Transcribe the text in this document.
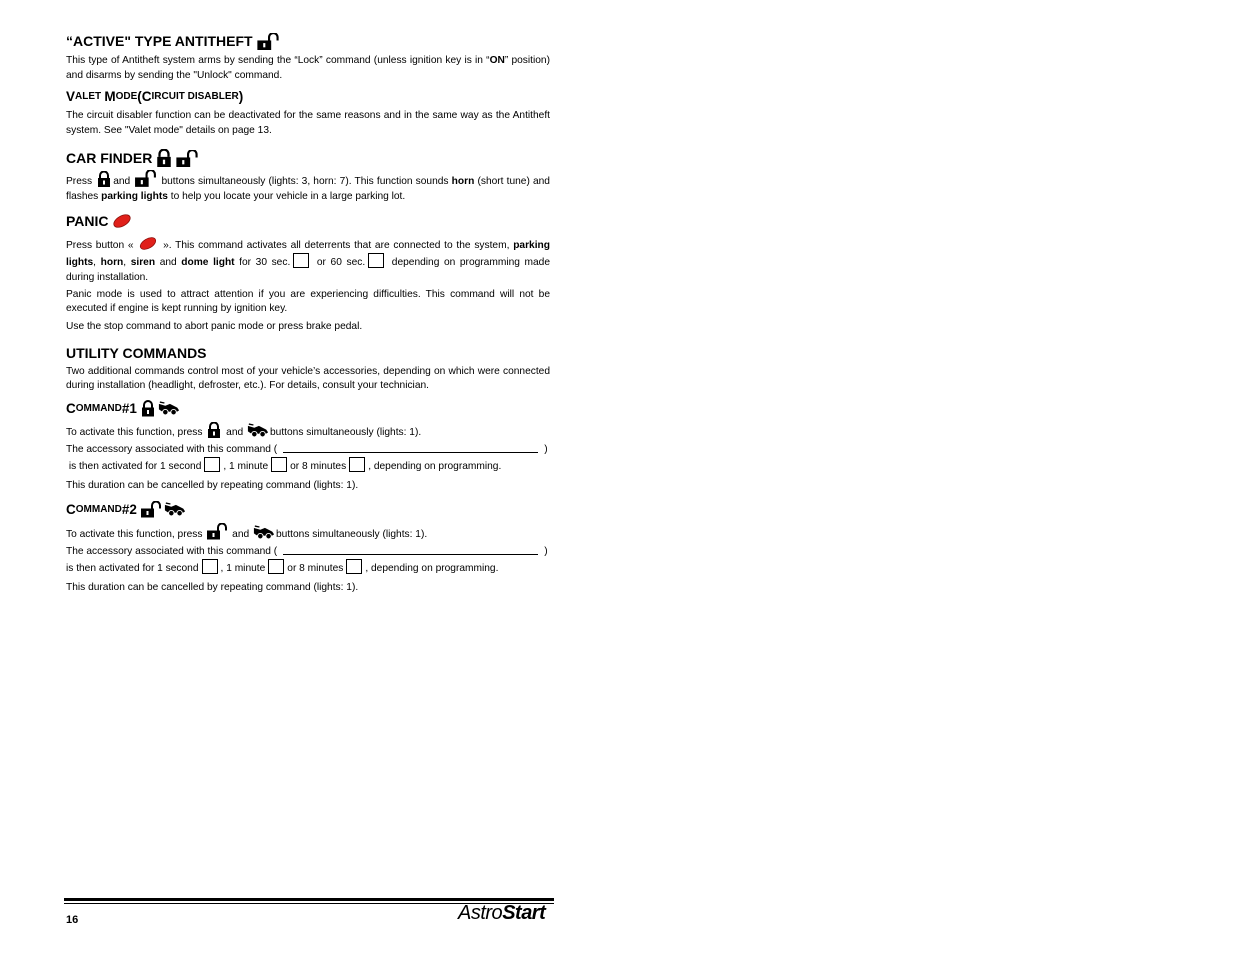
“ACTIVE" TYPE ANTITHEFT

This type of Antitheft system arms by sending the “Lock” command (unless ignition key is in “ON” position) and disarms by sending the "Unlock" command.

V ALET
M ODE ( C IRCUIT DISABLER )

The circuit disabler function can be deactivated for the same reasons and in the same way as the Antitheft system. See "Valet mode" details on page 13.

CAR FINDER

Press and	buttons simultaneously (lights: 3, horn: 7). This function sounds horn (short tune) and flashes parking lights to help you locate your vehicle in a large parking lot.

PANIC

Press button «	». This command activates all deterrents that are connected to the system, parking lights, horn, siren and dome light for 30 sec.	or 60 sec.	depending on programming made during installation.

Panic mode is used to attract attention if you are experiencing difficulties. This command will not be executed if engine is kept running by ignition key.

Use the stop command to abort panic mode or press brake pedal.

UTILITY COMMANDS

Two additional commands control most of your vehicle’s accessories, depending on which were connected during installation (headlight, defroster, etc.). For details, consult your technician.

C OMMAND #1

To activate this function, press and	buttons simultaneously (lights: 1).

The accessory associated with this command (	)
is then activated for 1 second , 1 minute or 8 minutes , depending on programming.

This duration can be cancelled by repeating command (lights: 1).

C OMMAND #2

To activate this function, press	and	buttons simultaneously (lights: 1).

The accessory associated with this command (	)
is then activated for 1 second , 1 minute or 8 minutes , depending on programming.

This duration can be cancelled by repeating command (lights: 1).

16	AstroStart
